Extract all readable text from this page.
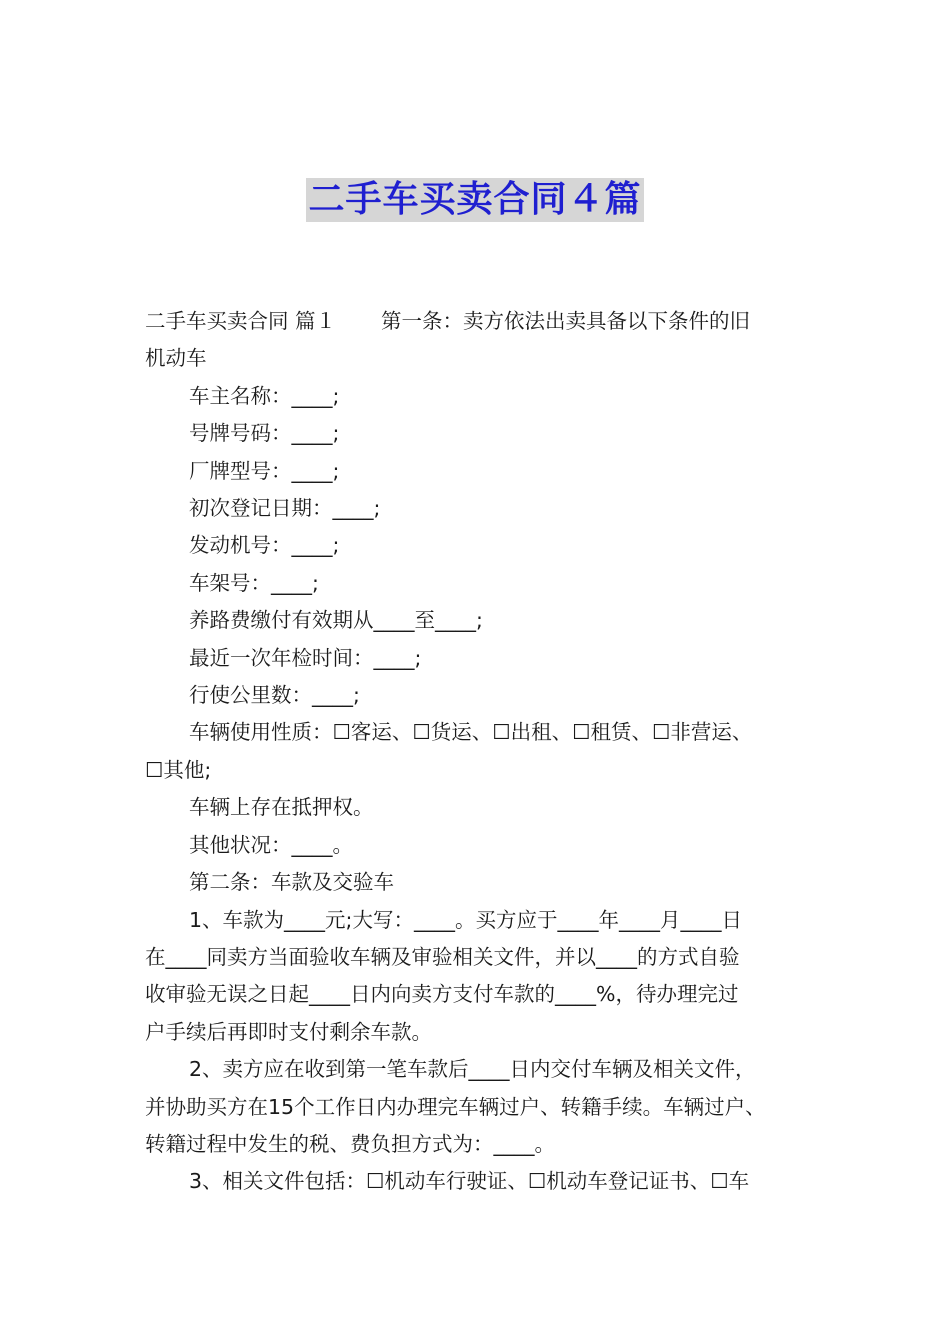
二手车买卖合同４篇

二手车买卖合同 篇１ 第一条：卖方依法出卖具备以下条件的旧

机动车

车主名称：____;

号牌号码：____;

厂牌型号：____;

初次登记日期：____;

发动机号：____;

车架号：____;

养路费缴付有效期从____至____;

最近一次年检时间：____;

行使公里数：____;

车辆使用性质：☐客运、☐货运、☐出租、☐租赁、☐非营运、

☐其他;

车辆上存在抵押权。

其他状况：____。

第二条：车款及交验车

1、车款为____元;大写：____。买方应于____年____月____日

在____同卖方当面验收车辆及审验相关文件，并以____的方式自验

收审验无误之日起____日内向卖方支付车款的____%，待办理完过

户手续后再即时支付剩余车款。

2、卖方应在收到第一笔车款后____日内交付车辆及相关文件，

并协助买方在15个工作日内办理完车辆过户、转籍手续。车辆过户、

转籍过程中发生的税、费负担方式为：____。

3、相关文件包括：☐机动车行驶证、☐机动车登记证书、☐车
